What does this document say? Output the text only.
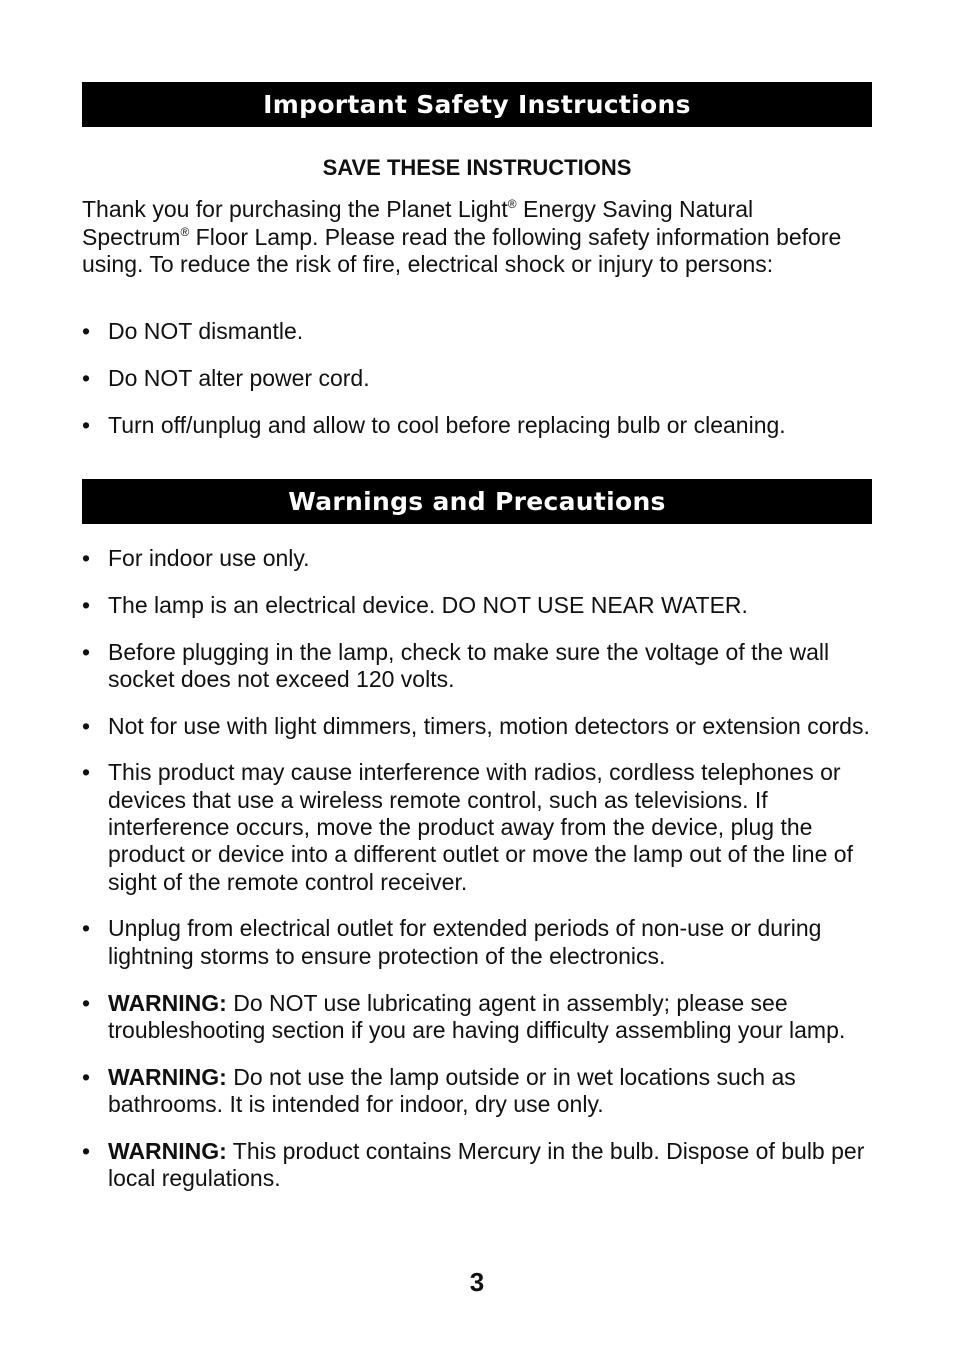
Important Safety Instructions
SAVE THESE INSTRUCTIONS

Thank you for purchasing the Planet Light® Energy Saving Natural Spectrum® Floor Lamp. Please read the following safety information before using. To reduce the risk of fire, electrical shock or injury to persons:

• Do NOT dismantle.
• Do NOT alter power cord.
• Turn off/unplug and allow to cool before replacing bulb or cleaning.
Warnings and Precautions
• For indoor use only.
• The lamp is an electrical device. DO NOT USE NEAR WATER.
• Before plugging in the lamp, check to make sure the voltage of the wall socket does not exceed 120 volts.
• Not for use with light dimmers, timers, motion detectors or extension cords.
• This product may cause interference with radios, cordless telephones or devices that use a wireless remote control, such as televisions. If interference occurs, move the product away from the device, plug the product or device into a different outlet or move the lamp out of the line of sight of the remote control receiver.
• Unplug from electrical outlet for extended periods of non-use or during lightning storms to ensure protection of the electronics.
• WARNING: Do NOT use lubricating agent in assembly; please see troubleshooting section if you are having difficulty assembling your lamp.
• WARNING: Do not use the lamp outside or in wet locations such as bathrooms. It is intended for indoor, dry use only.
• WARNING: This product contains Mercury in the bulb. Dispose of bulb per local regulations.
3
